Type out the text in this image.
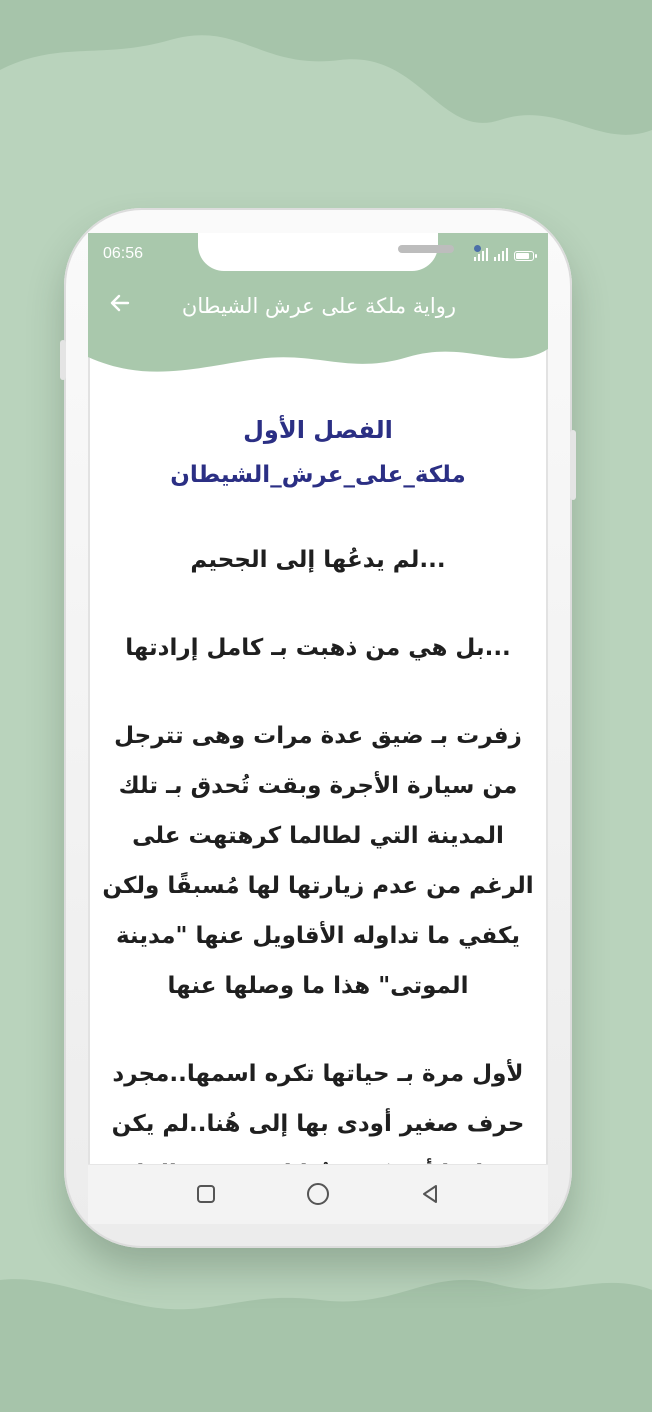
06:56
رواية ملكة على عرش الشيطان

الفصل الأول

ملكة_على_عرش_الشيطان

...لم يدعُها إلى الجحيم

...بل هي من ذهبت بـ كامل إرادتها

زفرت بـ ضيق عدة مرات وهى تترجل من سيارة الأجرة وبقت تُحدق بـ تلك المدينة التي لطالما كرهتهت على الرغم من عدم زيارتها لها مُسبقًا ولكن يكفي ما تداوله الأقاويل عنها "مدينة الموتى" هذا ما وصلها عنها

لأول مرة بـ حياتها تكره اسمها..مجرد حرف صغير أودى بها إلى هُنا..لم يكن
